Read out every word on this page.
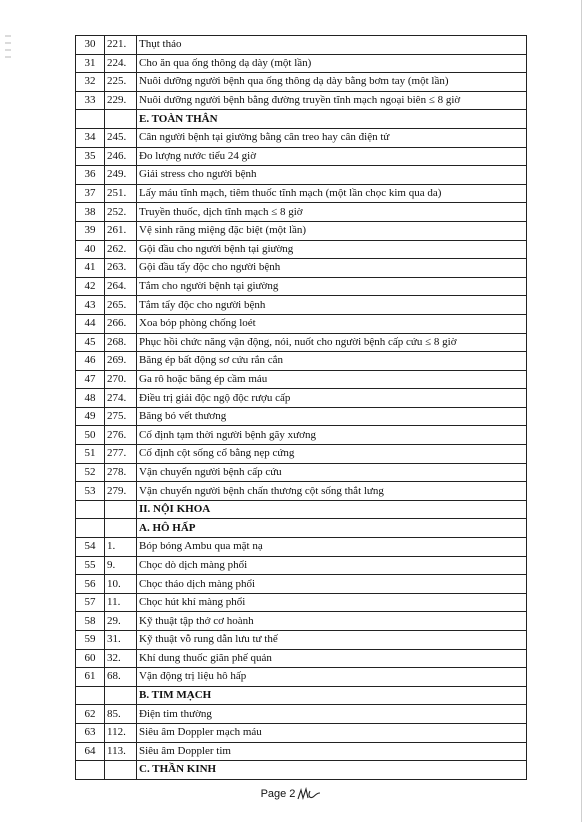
30	221.	Thụt tháo
31	224.	Cho ăn qua ống thông dạ dày (một lần)
32	225.	Nuôi dưỡng người bệnh qua ống thông dạ dày bằng bơm tay (một lần)
33	229.	Nuôi dưỡng người bệnh bằng đường truyền tĩnh mạch ngoại biên ≤ 8 giờ
		E. TOÀN THÂN
34	245.	Cân người bệnh tại giường bằng cân treo hay cân điện tử
35	246.	Đo lượng nước tiểu 24 giờ
36	249.	Giải stress cho người bệnh
37	251.	Lấy máu tĩnh mạch, tiêm thuốc tĩnh mạch (một lần chọc kim qua da)
38	252.	Truyền thuốc, dịch tĩnh mạch ≤ 8 giờ
39	261.	Vệ sinh răng miệng đặc biệt (một lần)
40	262.	Gội đầu cho người bệnh tại giường
41	263.	Gội đầu tẩy độc cho người bệnh
42	264.	Tắm cho người bệnh tại giường
43	265.	Tắm tẩy độc cho người bệnh
44	266.	Xoa bóp phòng chống loét
45	268.	Phục hồi chức năng vận động, nói, nuốt cho người bệnh cấp cứu ≤ 8 giờ
46	269.	Băng ép bất động sơ cứu rắn cắn
47	270.	Ga rô hoặc băng ép cầm máu
48	274.	Điều trị giải độc ngộ độc rượu cấp
49	275.	Băng bó vết thương
50	276.	Cố định tạm thời người bệnh gãy xương
51	277.	Cố định cột sống cổ bằng nẹp cứng
52	278.	Vận chuyển người bệnh cấp cứu
53	279.	Vận chuyển người bệnh chấn thương cột sống thắt lưng
		II. NỘI KHOA
		A. HÔ HẤP
54	1.	Bóp bóng Ambu qua mặt nạ
55	9.	Chọc dò dịch màng phổi
56	10.	Chọc tháo dịch màng phổi
57	11.	Chọc hút khí màng phổi
58	29.	Kỹ thuật tập thở cơ hoành
59	31.	Kỹ thuật vỗ rung dẫn lưu tư thế
60	32.	Khí dung thuốc giãn phế quản
61	68.	Vận động trị liệu hô hấp
		B. TIM MẠCH
62	85.	Điện tim thường
63	112.	Siêu âm Doppler mạch máu
64	113.	Siêu âm Doppler tim
		C. THẦN KINH
Page 2
